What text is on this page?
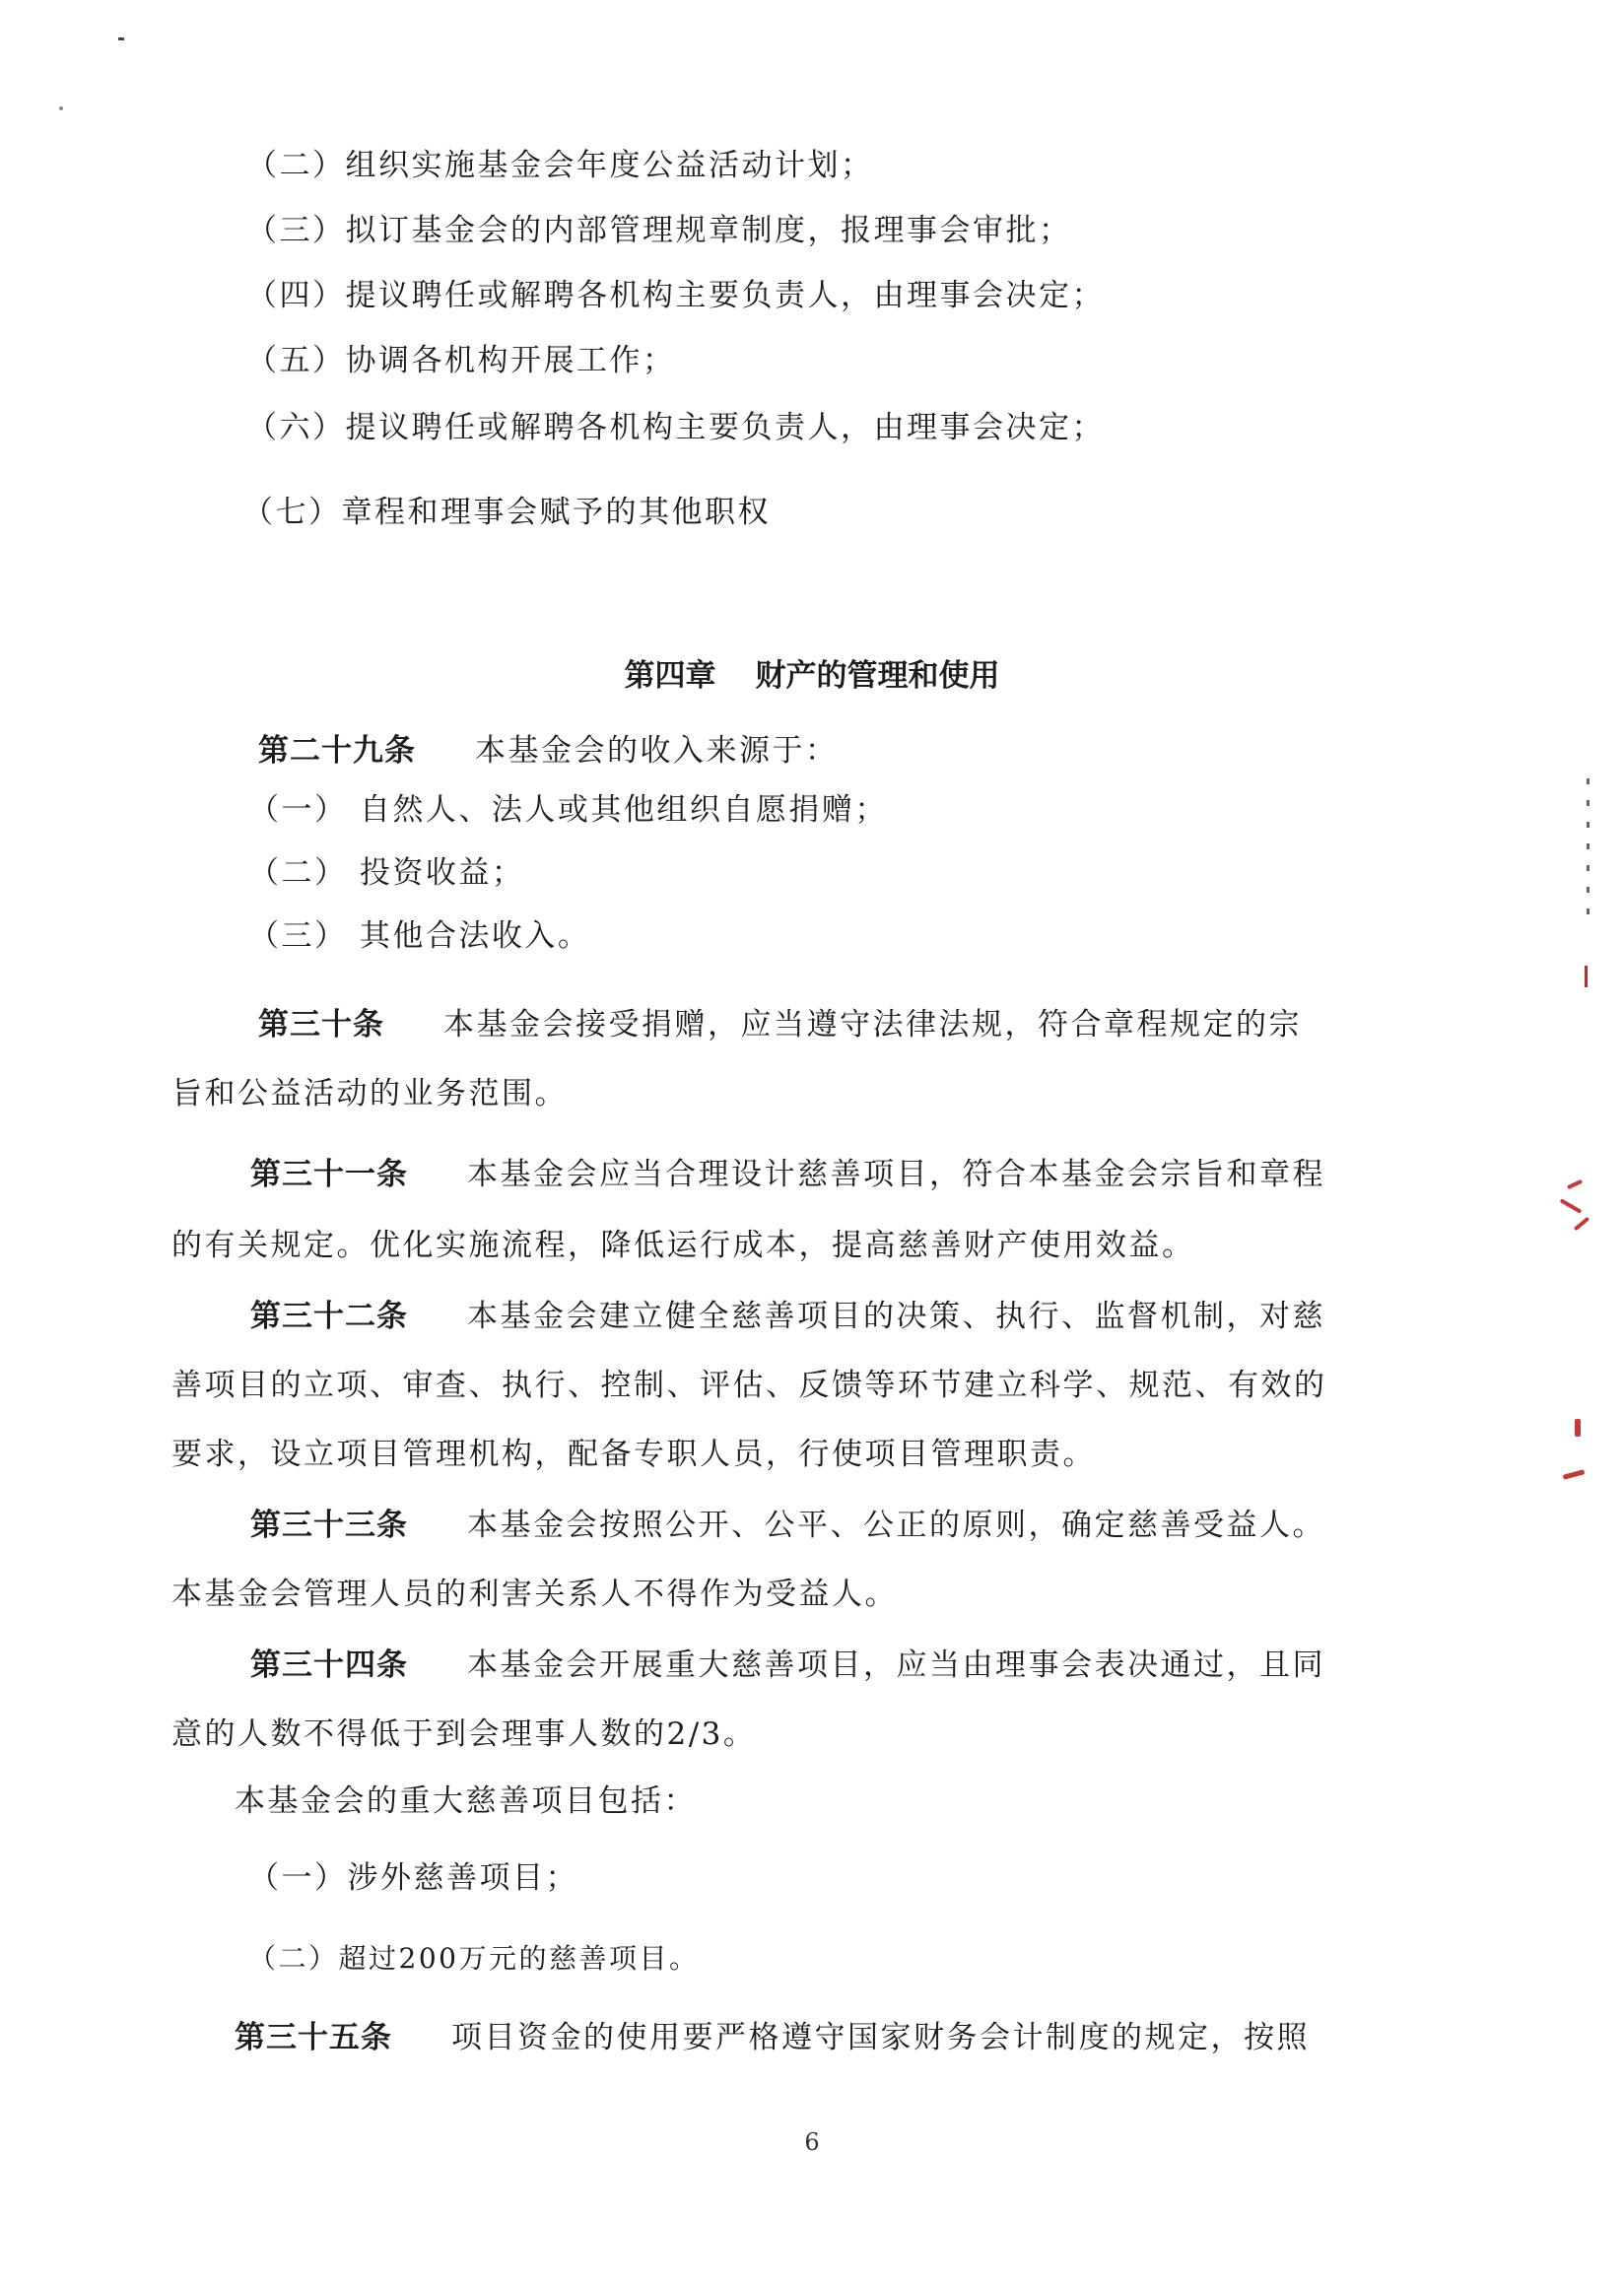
（二）组织实施基金会年度公益活动计划；
（三）拟订基金会的内部管理规章制度，报理事会审批；
（四）提议聘任或解聘各机构主要负责人，由理事会决定；
（五）协调各机构开展工作；
（六）提议聘任或解聘各机构主要负责人，由理事会决定；
（七）章程和理事会赋予的其他职权
第四章 财产的管理和使用
第二十九条 本基金会的收入来源于：
（一） 自然人、法人或其他组织自愿捐赠；
（二） 投资收益；
（三） 其他合法收入。
第三十条 本基金会接受捐赠，应当遵守法律法规，符合章程规定的宗
旨和公益活动的业务范围。
第三十一条 本基金会应当合理设计慈善项目，符合本基金会宗旨和章程
的有关规定。优化实施流程，降低运行成本，提高慈善财产使用效益。
第三十二条 本基金会建立健全慈善项目的决策、执行、监督机制，对慈
善项目的立项、审查、执行、控制、评估、反馈等环节建立科学、规范、有效的
要求，设立项目管理机构，配备专职人员，行使项目管理职责。
第三十三条 本基金会按照公开、公平、公正的原则，确定慈善受益人。
本基金会管理人员的利害关系人不得作为受益人。
第三十四条 本基金会开展重大慈善项目，应当由理事会表决通过，且同
意的人数不得低于到会理事人数的2/3。
本基金会的重大慈善项目包括：
（一）涉外慈善项目；
（二）超过200万元的慈善项目。
第三十五条 项目资金的使用要严格遵守国家财务会计制度的规定，按照
6
